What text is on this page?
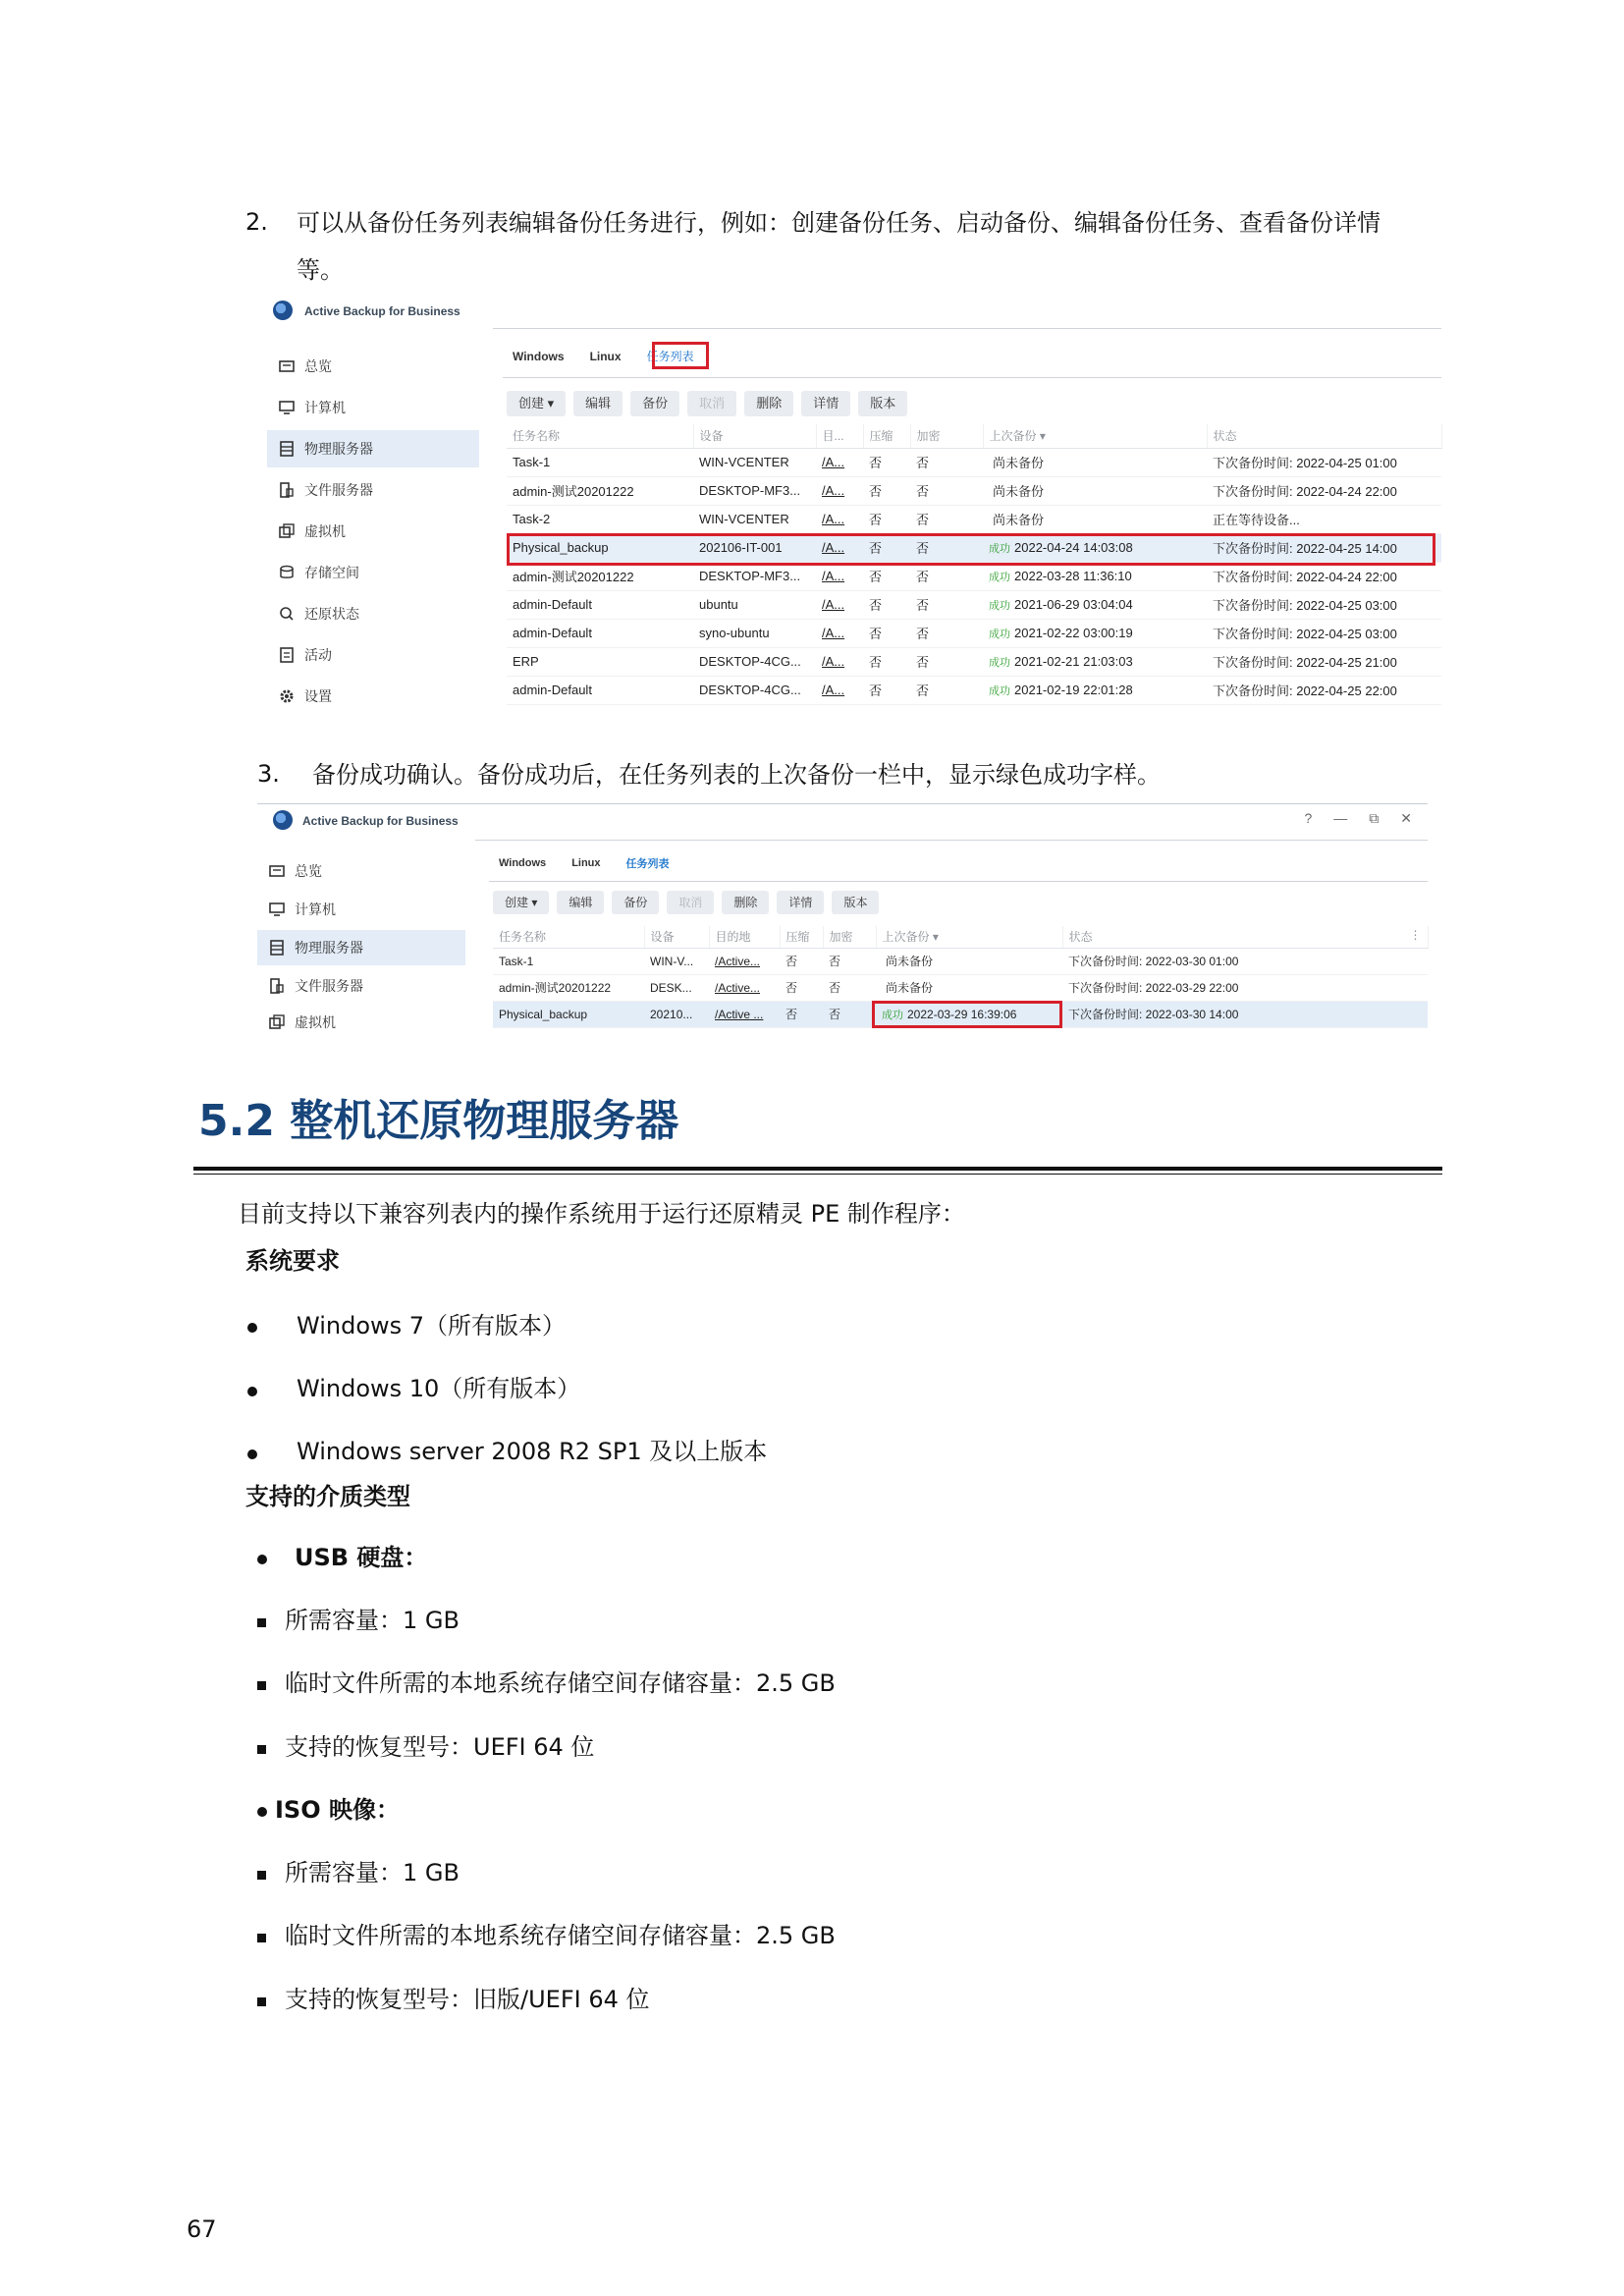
2. 可以从备份任务列表编辑备份任务进行，例如：创建备份任务、启动备份、编辑备份任务、查看备份详情
等。
Active Backup for Business
总览
计算机
物理服务器
文件服务器
虚拟机
存储空间
还原状态
活动
设置
Windows Linux 任务列表
创建 ▾	编辑	备份	取消	删除	详情	版本
任务名称	设备	目...	压缩	加密	上次备份 ▾	状态
Task-1	WIN-VCENTER	/A...	否	否	尚未备份	下次备份时间: 2022-04-25 01:00
admin-测试20201222	DESKTOP-MF3...	/A...	否	否	尚未备份	下次备份时间: 2022-04-24 22:00
Task-2	WIN-VCENTER	/A...	否	否	尚未备份	正在等待设备...
Physical_backup	202106-IT-001	/A...	否	否	成功 2022-04-24 14:03:08	下次备份时间: 2022-04-25 14:00
admin-测试20201222	DESKTOP-MF3...	/A...	否	否	成功 2022-03-28 11:36:10	下次备份时间: 2022-04-24 22:00
admin-Default	ubuntu	/A...	否	否	成功 2021-06-29 03:04:04	下次备份时间: 2022-04-25 03:00
admin-Default	syno-ubuntu	/A...	否	否	成功 2021-02-22 03:00:19	下次备份时间: 2022-04-25 03:00
ERP	DESKTOP-4CG...	/A...	否	否	成功 2021-02-21 21:03:03	下次备份时间: 2022-04-25 21:00
admin-Default	DESKTOP-4CG...	/A...	否	否	成功 2021-02-19 22:01:28	下次备份时间: 2022-04-25 22:00
3. 备份成功确认。备份成功后，在任务列表的上次备份一栏中，显示绿色成功字样。
Active Backup for Business	? — ⧉ ✕
总览
计算机
物理服务器
文件服务器
虚拟机
Windows Linux 任务列表
创建 ▾	编辑	备份	取消	删除	详情	版本
任务名称	设备	目的地	压缩	加密	上次备份 ▾	状态 ⋮

Task-1	WIN-V...	/Active...	否	否	尚未备份	下次备份时间: 2022-03-30 01:00
admin-测试20201222	DESK...	/Active...	否	否	尚未备份	下次备份时间: 2022-03-29 22:00
Physical_backup	20210...	/Active ...	否	否	成功 2022-03-29 16:39:06	下次备份时间: 2022-03-30 14:00
5.2 整机还原物理服务器
目前支持以下兼容列表内的操作系统用于运行还原精灵 PE 制作程序：
系统要求
Windows 7（所有版本）
Windows 10（所有版本）
Windows server 2008 R2 SP1 及以上版本
支持的介质类型
USB 硬盘：
所需容量：1 GB
临时文件所需的本地系统存储空间存储容量：2.5 GB
支持的恢复型号：UEFI 64 位
ISO 映像：
所需容量：1 GB
临时文件所需的本地系统存储空间存储容量：2.5 GB
支持的恢复型号：旧版/UEFI 64 位
67
